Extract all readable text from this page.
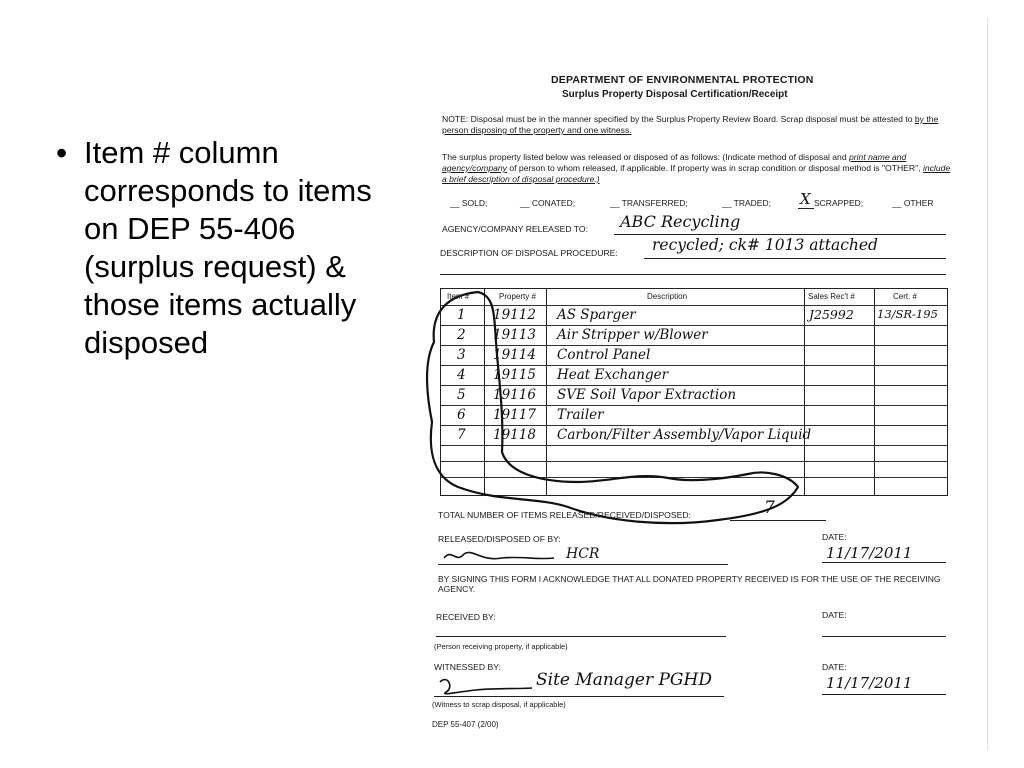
• Item # column corresponds to items on DEP 55-406 (surplus request) & those items actually disposed
DEPARTMENT OF ENVIRONMENTAL PROTECTION
Surplus Property Disposal Certification/Receipt
NOTE: Disposal must be in the manner specified by the Surplus Property Review Board. Scrap disposal must be attested to by the person disposing of the property and one witness.
The surplus property listed below was released or disposed of as follows: (Indicate method of disposal and print name and agency/company of person to whom released, if applicable. If property was in scrap condition or disposal method is "OTHER", include a brief description of disposal procedure.)
__ SOLD;	__ CONATED;	__ TRANSFERRED;	__ TRADED; X SCRAPPED;	__ OTHER
AGENCY/COMPANY RELEASED TO: ABC Recycling
DESCRIPTION OF DISPOSAL PROCEDURE: recycled; ck# 1013 attached
Item #	Property #	Description	Sales Rec't #	Cert. #
1 19112 AS Sparger	J25992 13/SR-195
2 19113 Air Stripper w/Blower
3 19114 Control Panel
4 19115 Heat Exchanger
5 19116 SVE Soil Vapor Extraction
6 19117 Trailer
7 19118 Carbon/Filter Assembly/Vapor Liquid
TOTAL NUMBER OF ITEMS RELEASED/RECEIVED/DISPOSED:	7
RELEASED/DISPOSED OF BY:
HCR
DATE:
11/17/2011
BY SIGNING THIS FORM I ACKNOWLEDGE THAT ALL DONATED PROPERTY RECEIVED IS FOR THE USE OF THE RECEIVING AGENCY.
RECEIVED BY:	DATE:
(Person receiving property, if applicable)
WITNESSED BY:
Site Manager PGHD
DATE:
11/17/2011
(Witness to scrap disposal, if applicable)
DEP 55-407 (2/00)
